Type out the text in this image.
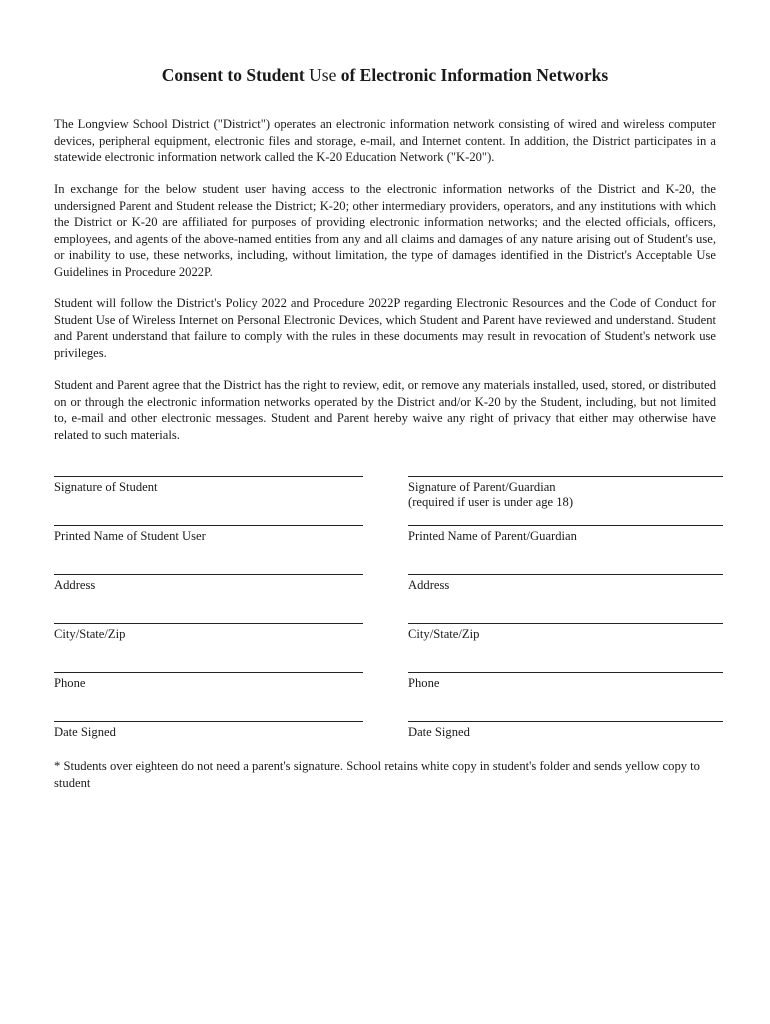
Consent to Student Use of Electronic Information Networks

The Longview School District ("District") operates an electronic information network consisting of wired and wireless computer devices, peripheral equipment, electronic files and storage, e-mail, and Internet content. In addition, the District participates in a statewide electronic information network called the K-20 Education Network ("K-20").

In exchange for the below student user having access to the electronic information networks of the District and K-20, the undersigned Parent and Student release the District; K-20; other intermediary providers, operators, and any institutions with which the District or K-20 are affiliated for purposes of providing electronic information networks; and the elected officials, officers, employees, and agents of the above-named entities from any and all claims and damages of any nature arising out of Student's use, or inability to use, these networks, including, without limitation, the type of damages identified in the District's Acceptable Use Guidelines in Procedure 2022P.

Student will follow the District's Policy 2022 and Procedure 2022P regarding Electronic Resources and the Code of Conduct for Student Use of Wireless Internet on Personal Electronic Devices, which Student and Parent have reviewed and understand. Student and Parent understand that failure to comply with the rules in these documents may result in revocation of Student's network use privileges.

Student and Parent agree that the District has the right to review, edit, or remove any materials installed, used, stored, or distributed on or through the electronic information networks operated by the District and/or K-20 by the Student, including, but not limited to, e-mail and other electronic messages. Student and Parent hereby waive any right of privacy that either may otherwise have related to such materials.

Signature of Student	Signature of Parent/Guardian
(required if user is under age 18)
Printed Name of Student User	Printed Name of Parent/Guardian
Address	Address
City/State/Zip	City/State/Zip
Phone	Phone
Date Signed	Date Signed

* Students over eighteen do not need a parent's signature. School retains white copy in student's folder and sends yellow copy to student
